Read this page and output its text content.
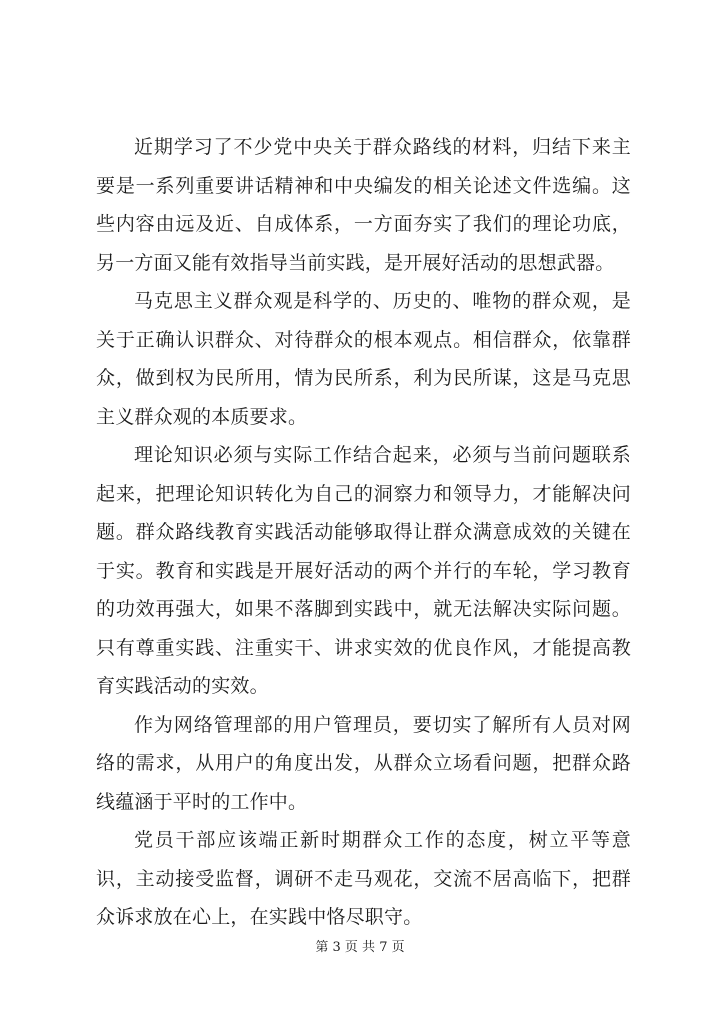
近期学习了不少党中央关于群众路线的材料，归结下来主要是一系列重要讲话精神和中央编发的相关论述文件选编。这些内容由远及近、自成体系，一方面夯实了我们的理论功底，另一方面又能有效指导当前实践，是开展好活动的思想武器。

马克思主义群众观是科学的、历史的、唯物的群众观，是关于正确认识群众、对待群众的根本观点。相信群众，依靠群众，做到权为民所用，情为民所系，利为民所谋，这是马克思主义群众观的本质要求。

理论知识必须与实际工作结合起来，必须与当前问题联系起来，把理论知识转化为自己的洞察力和领导力，才能解决问题。群众路线教育实践活动能够取得让群众满意成效的关键在于实。教育和实践是开展好活动的两个并行的车轮，学习教育的功效再强大，如果不落脚到实践中，就无法解决实际问题。只有尊重实践、注重实干、讲求实效的优良作风，才能提高教育实践活动的实效。

作为网络管理部的用户管理员，要切实了解所有人员对网络的需求，从用户的角度出发，从群众立场看问题，把群众路线蕴涵于平时的工作中。

党员干部应该端正新时期群众工作的态度，树立平等意识，主动接受监督，调研不走马观花，交流不居高临下，把群众诉求放在心上，在实践中恪尽职守。

第 3 页 共 7 页
